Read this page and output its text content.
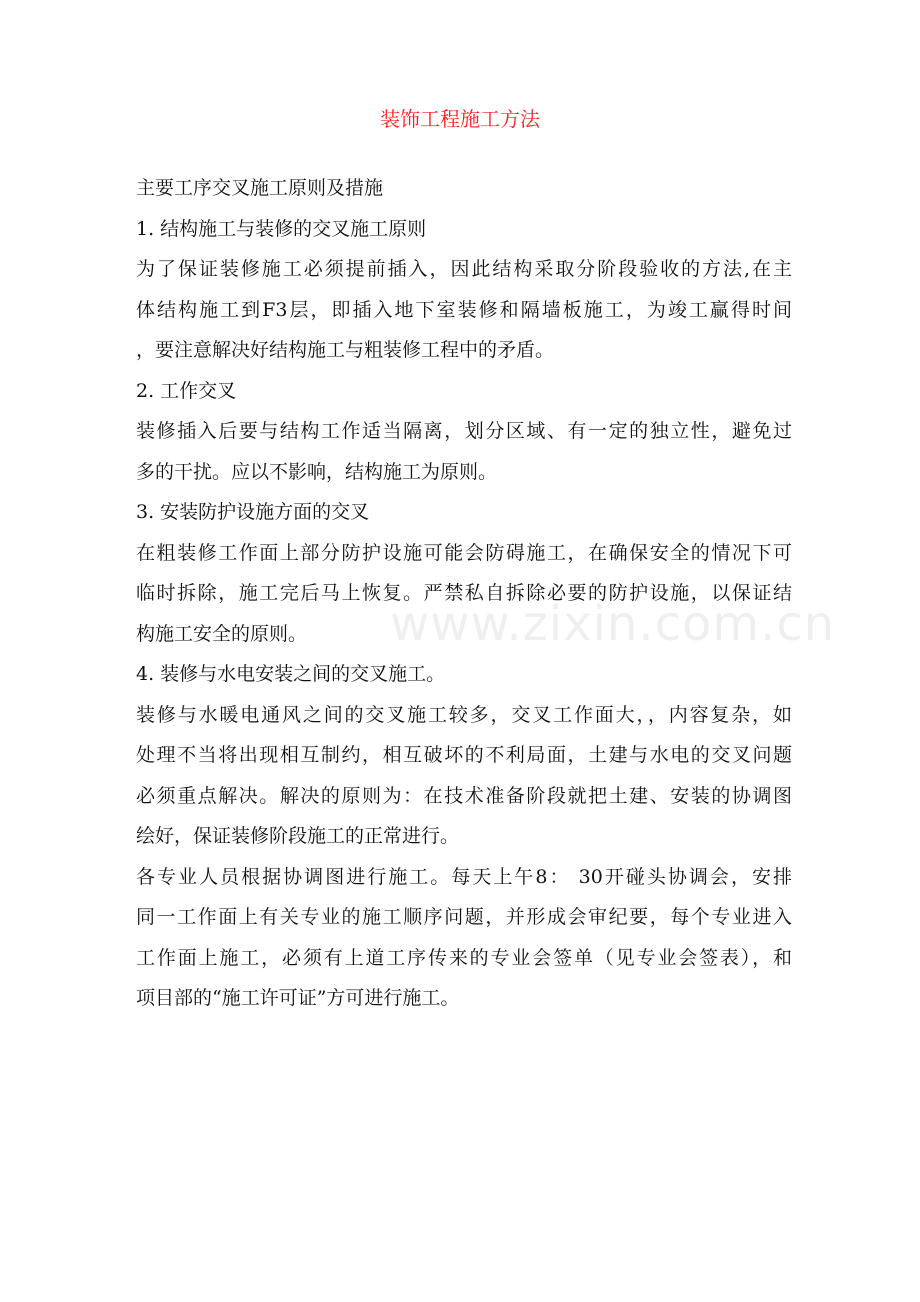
装饰工程施工方法
主要工序交叉施工原则及措施
1. 结构施工与装修的交叉施工原则
为了保证装修施工必须提前插入，因此结构采取分阶段验收的方法,在主
体结构施工到F3层，即插入地下室装修和隔墙板施工，为竣工赢得时间
，要注意解决好结构施工与粗装修工程中的矛盾。
2. 工作交叉
装修插入后要与结构工作适当隔离，划分区域、有一定的独立性，避免过
多的干扰。应以不影响，结构施工为原则。
3. 安装防护设施方面的交叉
在粗装修工作面上部分防护设施可能会防碍施工，在确保安全的情况下可
临时拆除，施工完后马上恢复。严禁私自拆除必要的防护设施，以保证结
构施工安全的原则。
4. 装修与水电安装之间的交叉施工。
装修与水暖电通风之间的交叉施工较多，交叉工作面大，，内容复杂，如
处理不当将出现相互制约，相互破坏的不利局面，土建与水电的交叉问题
必须重点解决。解决的原则为：在技术准备阶段就把土建、安装的协调图
绘好，保证装修阶段施工的正常进行。
各专业人员根据协调图进行施工。每天上午8： 30开碰头协调会，安排
同一工作面上有关专业的施工顺序问题，并形成会审纪要，每个专业进入
工作面上施工，必须有上道工序传来的专业会签单（见专业会签表），和
项目部的“施工许可证”方可进行施工。
www.zixin.com.cn
